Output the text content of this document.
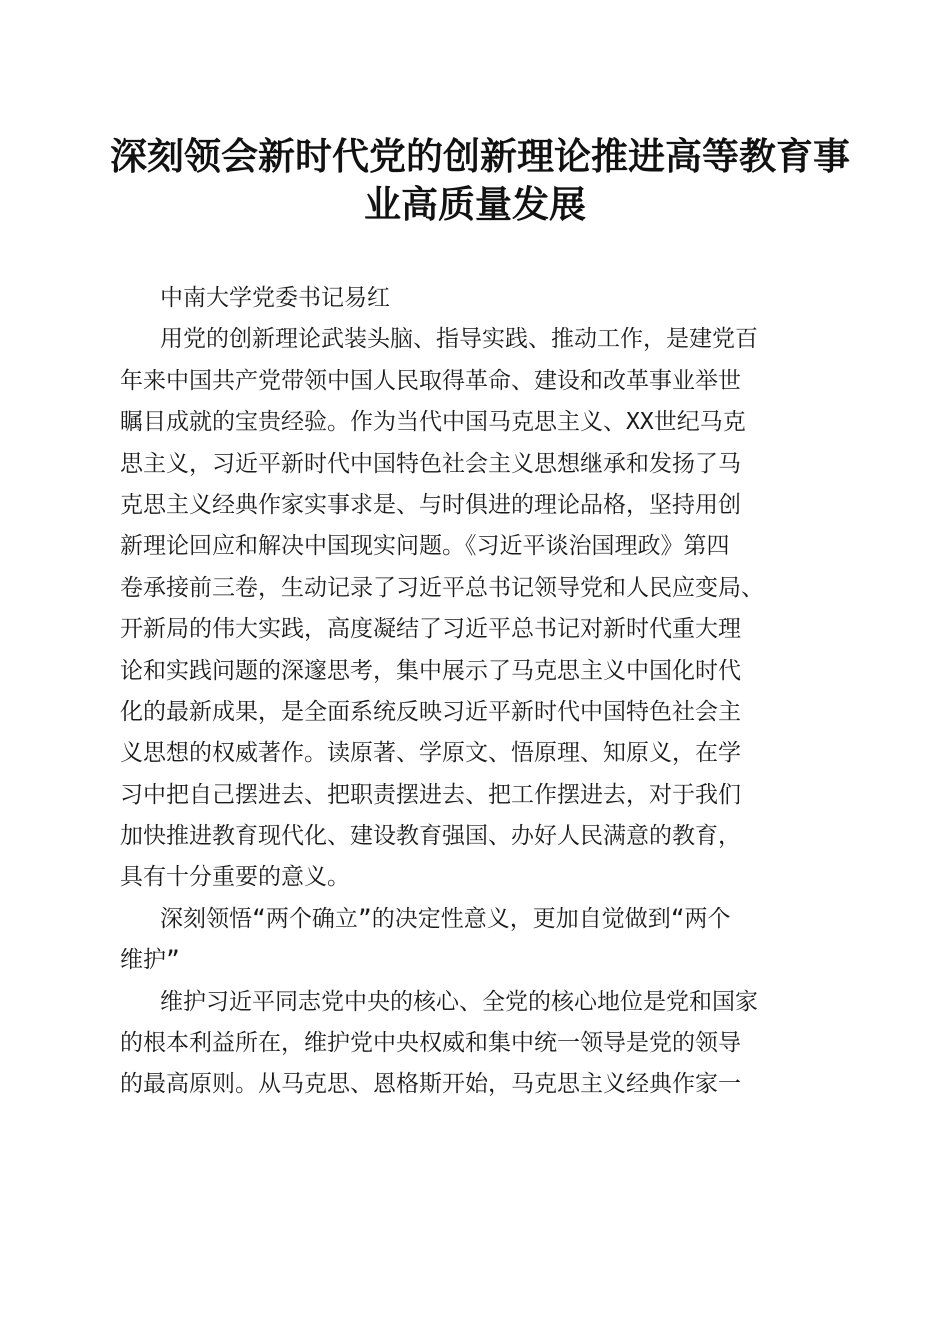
深刻领会新时代党的创新理论推进高等教育事
业高质量发展
中南大学党委书记易红
用党的创新理论武装头脑、指导实践、推动工作，是建党百
年来中国共产党带领中国人民取得革命、建设和改革事业举世
瞩目成就的宝贵经验。作为当代中国马克思主义、XX世纪马克
思主义，习近平新时代中国特色社会主义思想继承和发扬了马
克思主义经典作家实事求是、与时俱进的理论品格，坚持用创
新理论回应和解决中国现实问题。《习近平谈治国理政》第四
卷承接前三卷，生动记录了习近平总书记领导党和人民应变局、
开新局的伟大实践，高度凝结了习近平总书记对新时代重大理
论和实践问题的深邃思考，集中展示了马克思主义中国化时代
化的最新成果，是全面系统反映习近平新时代中国特色社会主
义思想的权威著作。读原著、学原文、悟原理、知原义，在学
习中把自己摆进去、把职责摆进去、把工作摆进去，对于我们
加快推进教育现代化、建设教育强国、办好人民满意的教育，
具有十分重要的意义。
深刻领悟“两个确立”的决定性意义，更加自觉做到“两个
维护”
维护习近平同志党中央的核心、全党的核心地位是党和国家
的根本利益所在，维护党中央权威和集中统一领导是党的领导
的最高原则。从马克思、恩格斯开始，马克思主义经典作家一
